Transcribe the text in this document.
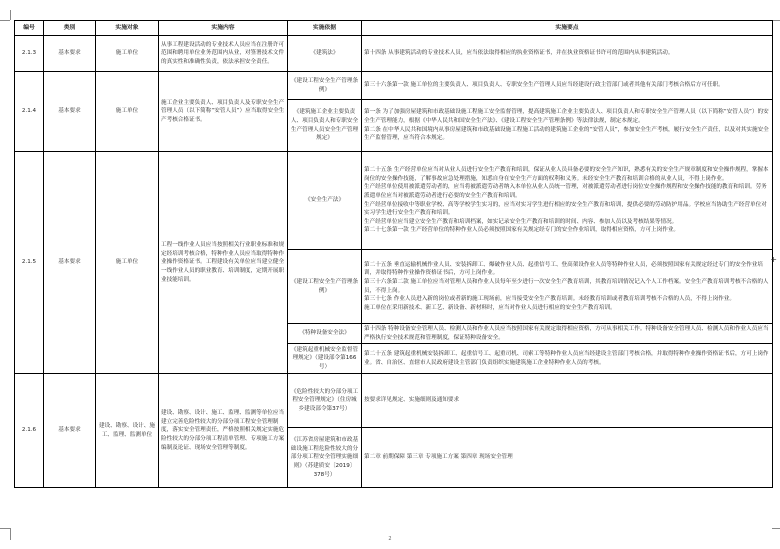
编号	类别	实施对象	实施内容	实施依据	实施要点
2.1.3	基本要求	施工单位	从事工程建设活动的专业技术人员应当在注册许可范围和聘用单位业务范围内从业，对签署技术文件的真实性和准确性负责，依法承担安全责任。	《建筑法》	第十四条 从事建筑活动的专业技术人员，应当依法取得相应的执业资格证书，并在执业资格证书许可的范围内从事建筑活动。

2.1.4	基本要求	施工单位	施工企业主要负责人、项目负责人及专职安全生产管理人员（以下简称“安管人员”）应当取得安全生产考核合格证书。	《建设工程安全生产管理条例》	第三十六条第一款 施工单位的主要负责人、项目负责人、专职安全生产管理人员应当经建设行政主管部门或者其他有关部门考核合格后方可任职。

				《建筑施工企业主要负责人、项目负责人和专职安全生产管理人员安全生产管理规定》	第一条 为了加强房屋建筑和市政基础设施工程施工安全监督管理，提高建筑施工企业主要负责人、项目负责人和专职安全生产管理人员（以下简称“安管人员”）的安全生产管理能力，根据《中华人民共和国安全生产法》、《建设工程安全生产管理条例》等法律法规，制定本规定。

第二条 在中华人民共和国境内从事房屋建筑和市政基础设施工程施工活动的建筑施工企业的“安管人员”，参加安全生产考核，履行安全生产责任，以及对其实施安全生产监督管理，应当符合本规定。

2.1.5	基本要求	施工单位	工程一线作业人员应当按照相关行业职业标准和规定经培训考核合格，特种作业人员应当取得特种作业操作资格证书。工程建设有关单位应当建立健全一线作业人员的职业教育、培训制度，定期开展职业技能培训。	《安全生产法》	第二十五条 生产经营单位应当对从业人员进行安全生产教育和培训，保证从业人员具备必要的安全生产知识，熟悉有关的安全生产规章制度和安全操作规程，掌握本岗位的安全操作技能，了解事故应急处理措施，知悉自身在安全生产方面的权利和义务。未经安全生产教育和培训合格的从业人员，不得上岗作业。

生产经营单位使用被派遣劳动者的，应当将被派遣劳动者纳入本单位从业人员统一管理，对被派遣劳动者进行岗位安全操作规程和安全操作技能的教育和培训。劳务派遣单位应当对被派遣劳动者进行必要的安全生产教育和培训。

生产经营单位接收中等职业学校、高等学校学生实习的，应当对实习学生进行相应的安全生产教育和培训，提供必要的劳动防护用品。学校应当协助生产经营单位对实习学生进行安全生产教育和培训。

生产经营单位应当建立安全生产教育和培训档案，如实记录安全生产教育和培训的时间、内容、参加人员以及考核结果等情况。

第二十七条第一款 生产经营单位的特种作业人员必须按照国家有关规定经专门的安全作业培训，取得相应资格，方可上岗作业。

				《建设工程安全生产管理条例》	第二十五条 垂直运输机械作业人员、安装拆卸工、爆破作业人员、起重信号工、登高架设作业人员等特种作业人员，必须按照国家有关规定经过专门的安全作业培训，并取得特种作业操作资格证书后，方可上岗作业。

第三十六条第二款 施工单位应当对管理人员和作业人员每年至少进行一次安全生产教育培训，其教育培训情况记入个人工作档案。安全生产教育培训考核不合格的人员，不得上岗。

第三十七条 作业人员进入新的岗位或者新的施工现场前，应当接受安全生产教育培训。未经教育培训或者教育培训考核不合格的人员，不得上岗作业。

施工单位在采用新技术、新工艺、新设备、新材料时，应当对作业人员进行相应的安全生产教育培训。

				《特种设备安全法》	第十四条 特种设备安全管理人员、检测人员和作业人员应当按照国家有关规定取得相应资格，方可从事相关工作。特种设备安全管理人员、检测人员和作业人员应当严格执行安全技术规范和管理制度，保证特种设备安全。

				《建筑起重机械安全监督管理规定》（建设部令第166号）	第二十五条 建筑起重机械安装拆卸工、起重信号工、起重司机、司索工等特种作业人员应当经建设主管部门考核合格，并取得特种作业操作资格证书后，方可上岗作业。省、自治区、直辖市人民政府建设主管部门负责组织实施建筑施工企业特种作业人员的考核。

2.1.6	基本要求	建设、勘察、设计、施工、监理、监测单位	建设、勘察、设计、施工、监理、监测等单位应当建立完善危险性较大的分部分项工程安全管理制度，落实安全管理责任，严格按照相关规定实施危险性较大的分部分项工程清单管理、专项施工方案编制及论证、现场安全管理等制度。	《危险性较大的分部分项工程安全管理规定》（住房城乡建设部令第37号）	按要求详见规定、实施细则及通知要求

				《江苏省房屋建筑和市政基础设施工程危险性较大的分部分项工程安全管理实施细则》（苏建质安〔2019〕378号）	第二章 前期保障 第三章 专项施工方案 第四章 现场安全管理

+
2
